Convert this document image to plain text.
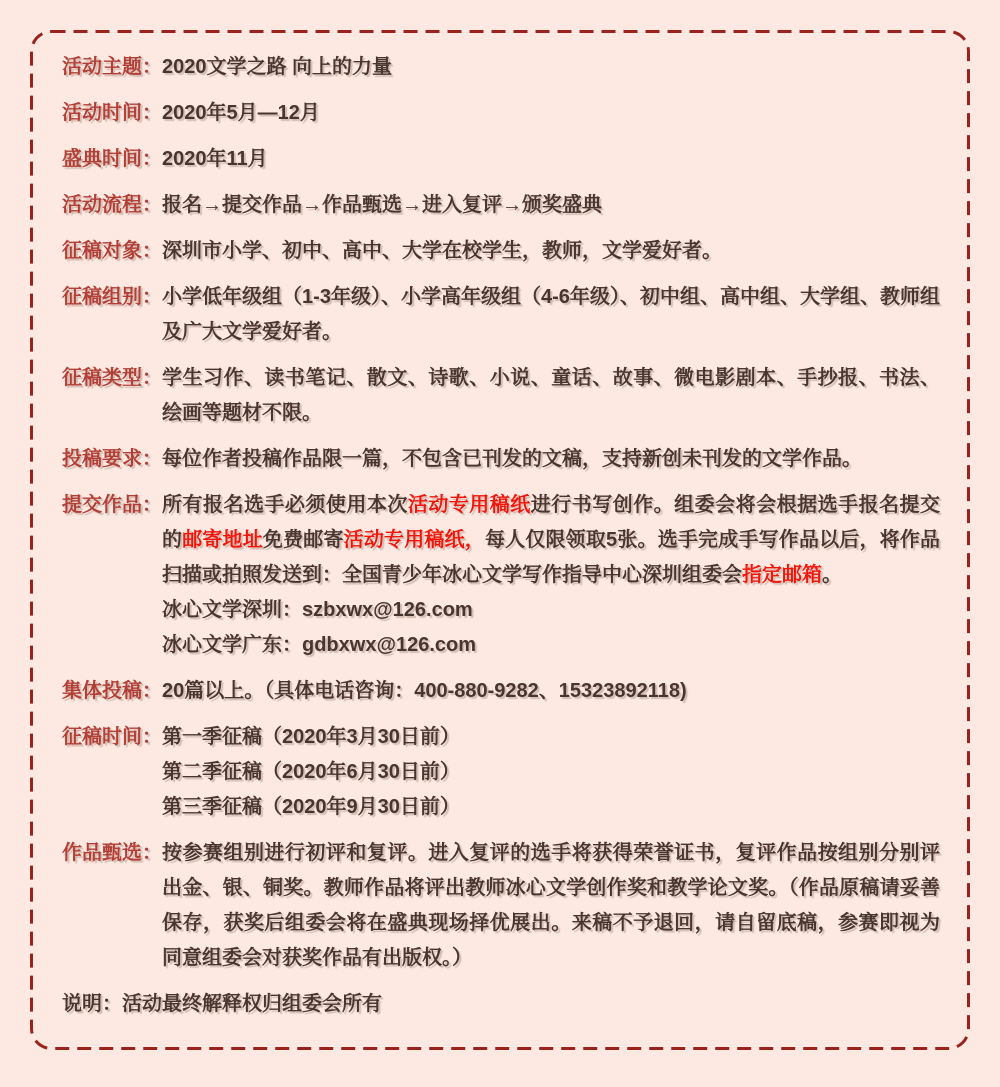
活动主题： 2020文学之路 向上的力量

活动时间： 2020年5月—12月

盛典时间： 2020年11月

活动流程： 报名→提交作品→作品甄选→进入复评→颁奖盛典

征稿对象： 深圳市小学、初中、高中、大学在校学生，教师，文学爱好者。

征稿组别： 小学低年级组（1-3年级）、小学高年级组（4-6年级）、初中组、高中组、大学组、教师组及广大文学爱好者。

征稿类型： 学生习作、读书笔记、散文、诗歌、小说、童话、故事、微电影剧本、手抄报、书法、绘画等题材不限。

投稿要求： 每位作者投稿作品限一篇，不包含已刊发的文稿，支持新创未刊发的文学作品。

提交作品： 所有报名选手必须使用本次活动专用稿纸进行书写创作。组委会将会根据选手报名提交的邮寄地址免费邮寄活动专用稿纸，每人仅限领取5张。选手完成手写作品以后，将作品扫描或拍照发送到：全国青少年冰心文学写作指导中心深圳组委会指定邮箱。

冰心文学深圳：szbxwx@126.com
冰心文学广东：gdbxwx@126.com
集体投稿： 20篇以上。（具体电话咨询：400-880-9282、15323892118)

征稿时间： 第一季征稿（2020年3月30日前）

第二季征稿（2020年6月30日前）
第三季征稿（2020年9月30日前）
作品甄选： 按参赛组别进行初评和复评。进入复评的选手将获得荣誉证书，复评作品按组别分别评出金、银、铜奖。教师作品将评出教师冰心文学创作奖和教学论文奖。（作品原稿请妥善保存，获奖后组委会将在盛典现场择优展出。来稿不予退回，请自留底稿，参赛即视为同意组委会对获奖作品有出版权。）

说明： 活动最终解释权归组委会所有
